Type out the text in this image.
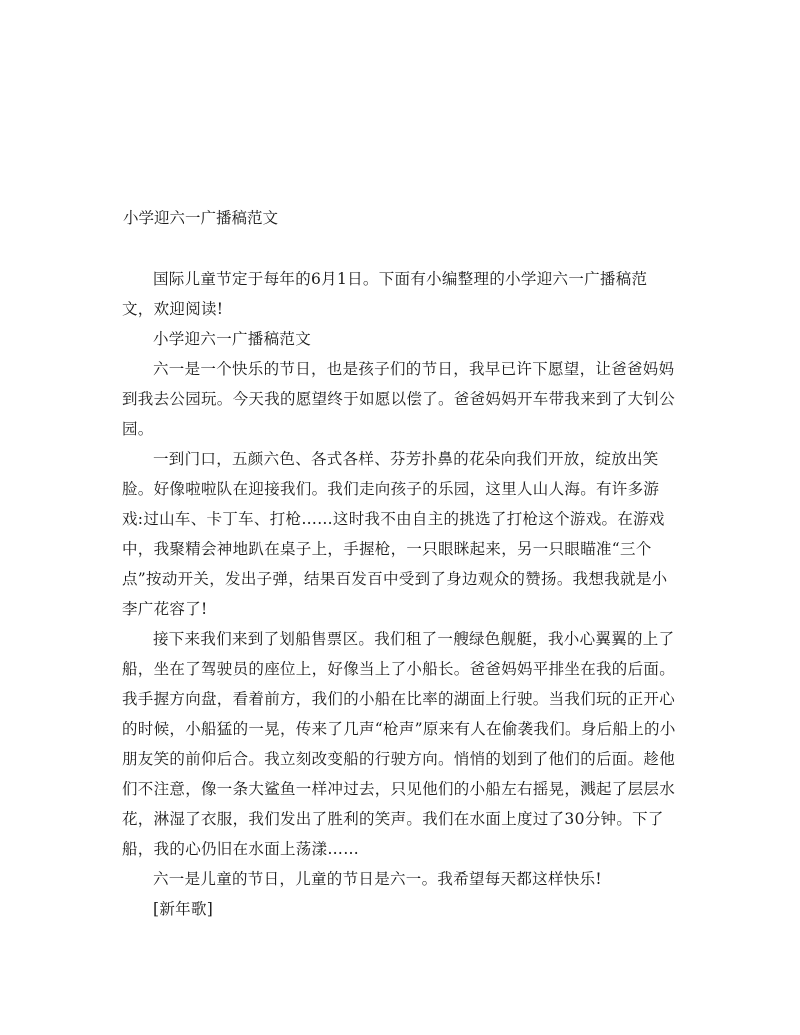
小学迎六一广播稿范文

国际儿童节定于每年的6月1日。下面有小编整理的小学迎六一广播稿范文，欢迎阅读!

小学迎六一广播稿范文

六一是一个快乐的节日，也是孩子们的节日，我早已许下愿望，让爸爸妈妈到我去公园玩。今天我的愿望终于如愿以偿了。爸爸妈妈开车带我来到了大钊公园。

一到门口，五颜六色、各式各样、芬芳扑鼻的花朵向我们开放，绽放出笑脸。好像啦啦队在迎接我们。我们走向孩子的乐园，这里人山人海。有许多游戏:过山车、卡丁车、打枪……这时我不由自主的挑选了打枪这个游戏。在游戏中，我聚精会神地趴在桌子上，手握枪，一只眼眯起来，另一只眼瞄准“三个点”按动开关，发出子弹，结果百发百中受到了身边观众的赞扬。我想我就是小李广花容了!

接下来我们来到了划船售票区。我们租了一艘绿色舰艇，我小心翼翼的上了船，坐在了驾驶员的座位上，好像当上了小船长。爸爸妈妈平排坐在我的后面。我手握方向盘，看着前方，我们的小船在比率的湖面上行驶。当我们玩的正开心的时候，小船猛的一晃，传来了几声“枪声”原来有人在偷袭我们。身后船上的小朋友笑的前仰后合。我立刻改变船的行驶方向。悄悄的划到了他们的后面。趁他们不注意，像一条大鲨鱼一样冲过去，只见他们的小船左右摇晃，溅起了层层水花，淋湿了衣服，我们发出了胜利的笑声。我们在水面上度过了30分钟。下了船，我的心仍旧在水面上荡漾……

六一是儿童的节日，儿童的节日是六一。我希望每天都这样快乐!

[新年歌]
